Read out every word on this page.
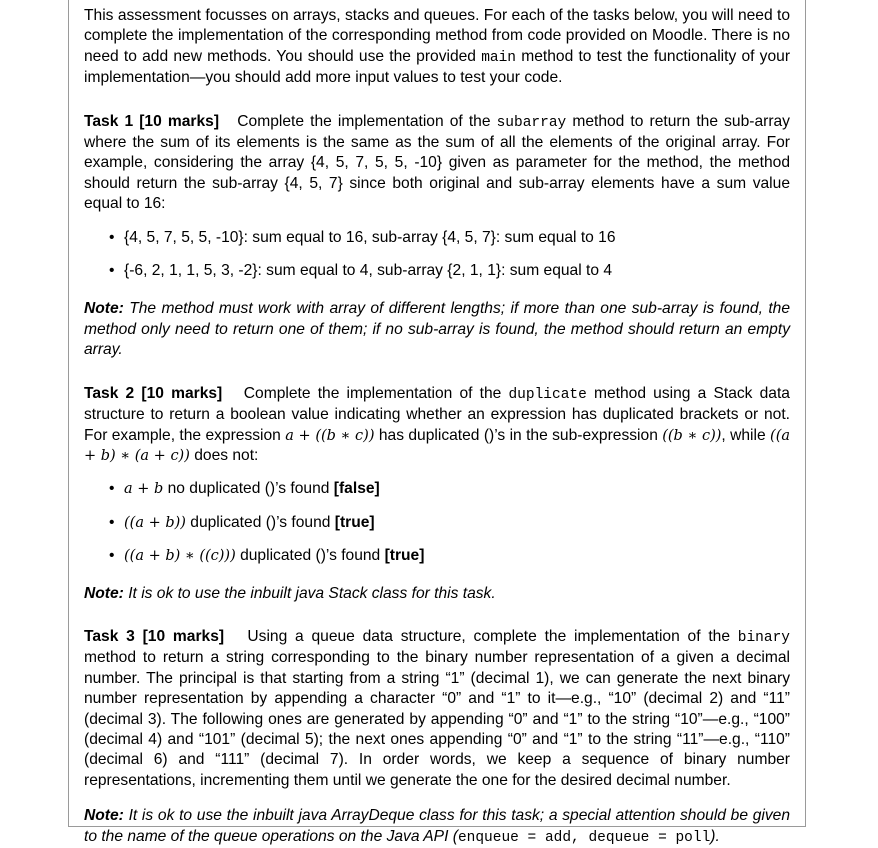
This assessment focusses on arrays, stacks and queues. For each of the tasks below, you will need to complete the implementation of the corresponding method from code provided on Moodle. There is no need to add new methods. You should use the provided main method to test the functionality of your implementation—you should add more input values to test your code.

Task 1 [10 marks] Complete the implementation of the subarray method to return the sub-array where the sum of its elements is the same as the sum of all the elements of the original array. For example, considering the array {4, 5, 7, 5, 5, -10} given as parameter for the method, the method should return the sub-array {4, 5, 7} since both original and sub-array elements have a sum value equal to 16:

• {4, 5, 7, 5, 5, -10}: sum equal to 16, sub-array {4, 5, 7}: sum equal to 16
• {-6, 2, 1, 1, 5, 3, -2}: sum equal to 4, sub-array {2, 1, 1}: sum equal to 4

Note: The method must work with array of different lengths; if more than one sub-array is found, the method only need to return one of them; if no sub-array is found, the method should return an empty array.

Task 2 [10 marks] Complete the implementation of the duplicate method using a Stack data structure to return a boolean value indicating whether an expression has duplicated brackets or not. For example, the expression a + ((b ∗ c)) has duplicated ()’s in the sub-expression ((b ∗ c)), while ((a + b) ∗ (a + c)) does not:

• a + b no duplicated ()’s found [false]
• ((a + b)) duplicated ()’s found [true]
• ((a + b) ∗ ((c))) duplicated ()’s found [true]

Note: It is ok to use the inbuilt java Stack class for this task.

Task 3 [10 marks] Using a queue data structure, complete the implementation of the binary method to return a string corresponding to the binary number representation of a given a decimal number. The principal is that starting from a string “1” (decimal 1), we can generate the next binary number representation by appending a character “0” and “1” to it—e.g., “10” (decimal 2) and “11” (decimal 3). The following ones are generated by appending “0” and “1” to the string “10”—e.g., “100” (decimal 4) and “101” (decimal 5); the next ones appending “0” and “1” to the string “11”—e.g., “110” (decimal 6) and “111” (decimal 7). In order words, we keep a sequence of binary number representations, incrementing them until we generate the one for the desired decimal number.

Note: It is ok to use the inbuilt java ArrayDeque class for this task; a special attention should be given to the name of the queue operations on the Java API (enqueue = add, dequeue = poll).
